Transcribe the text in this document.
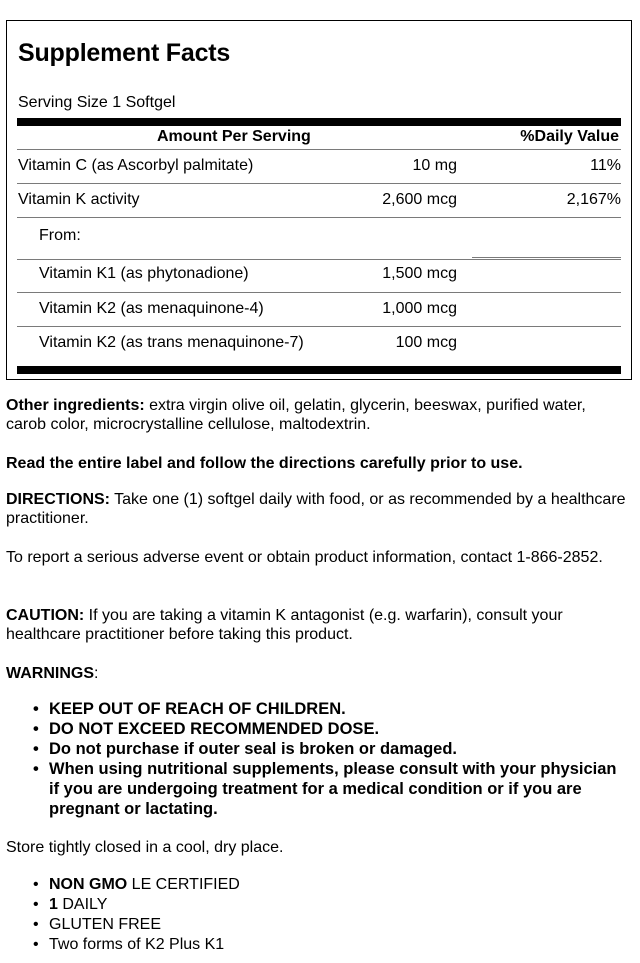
Supplement Facts
Serving Size 1 Softgel
Amount Per Serving	%Daily Value
Vitamin C (as Ascorbyl palmitate)	10 mg	11%
Vitamin K activity	2,600 mcg	2,167%
From:
Vitamin K1 (as phytonadione)	1,500 mcg
Vitamin K2 (as menaquinone-4)	1,000 mcg
Vitamin K2 (as trans menaquinone-7)	100 mcg
Other ingredients: extra virgin olive oil, gelatin, glycerin, beeswax, purified water, carob color, microcrystalline cellulose, maltodextrin.
Read the entire label and follow the directions carefully prior to use.
DIRECTIONS: Take one (1) softgel daily with food, or as recommended by a healthcare practitioner.
To report a serious adverse event or obtain product information, contact 1-866-2852.
CAUTION: If you are taking a vitamin K antagonist (e.g. warfarin), consult your healthcare practitioner before taking this product.
WARNINGS:
• KEEP OUT OF REACH OF CHILDREN.
• DO NOT EXCEED RECOMMENDED DOSE.
• Do not purchase if outer seal is broken or damaged.
• When using nutritional supplements, please consult with your physician if you are undergoing treatment for a medical condition or if you are pregnant or lactating.
Store tightly closed in a cool, dry place.
• NON GMO LE CERTIFIED
• 1 DAILY
• GLUTEN FREE
• Two forms of K2 Plus K1
